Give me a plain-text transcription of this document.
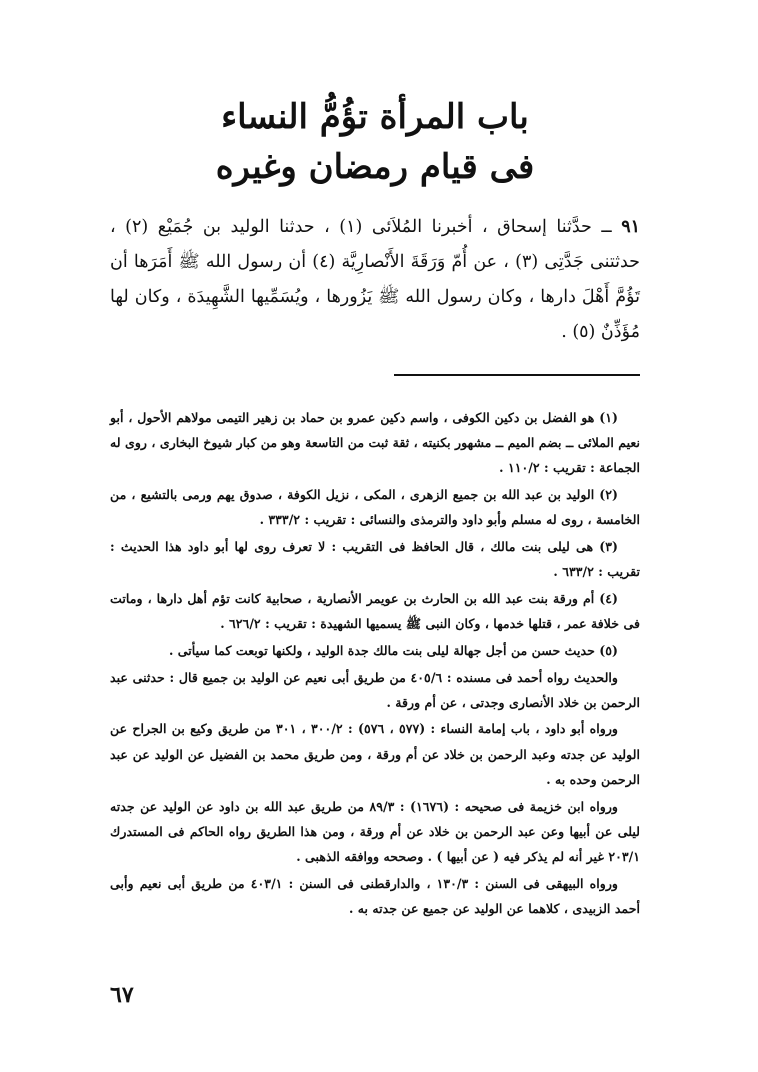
باب المرأة تؤُمُّ النساء
فى قيام رمضان وغيره

٩١ ــ حدَّثنا إسحاق ، أخبرنا المُلاَئى (١) ، حدثنا الوليد بن جُمَيْع (٢) ، حدثتنى جَدَّتِى (٣) ، عن أُمّ وَرَقَةَ الأَنْصارِيَّة (٤) أن رسول الله ﷺ أَمَرَها أن تَؤُمَّ أَهْلَ دارها ، وكان رسول الله ﷺ يَزُورها ، ويُسَمِّيها الشَّهِيدَة ، وكان لها مُؤَذِّنٌ (٥) .

(١) هو الفضل بن دكين الكوفى ، واسم دكين عمرو بن حماد بن زهير التيمى مولاهم الأحول ، أبو نعيم الملائى ــ بضم الميم ــ مشهور بكنيته ، ثقة ثبت من التاسعة وهو من كبار شيوخ البخارى ، روى له الجماعة : تقريب : ١١٠/٢ .

(٢) الوليد بن عبد الله بن جميع الزهرى ، المكى ، نزيل الكوفة ، صدوق يهم ورمى بالتشيع ، من الخامسة ، روى له مسلم وأبو داود والترمذى والنسائى : تقريب : ٣٣٣/٢ .

(٣) هى ليلى بنت مالك ، قال الحافظ فى التقريب : لا تعرف روى لها أبو داود هذا الحديث : تقريب : ٦٣٣/٢ .

(٤) أم ورقة بنت عبد الله بن الحارث بن عويمر الأنصارية ، صحابية كانت تؤم أهل دارها ، وماتت فى خلافة عمر ، قتلها خدمها ، وكان النبى ﷺ يسميها الشهيدة : تقريب : ٦٢٦/٢ .

(٥) حديث حسن من أجل جهالة ليلى بنت مالك جدة الوليد ، ولكنها توبعت كما سيأتى .

والحديث رواه أحمد فى مسنده : ٤٠٥/٦ من طريق أبى نعيم عن الوليد بن جميع قال : حدثنى عبد الرحمن بن خلاد الأنصارى وجدتى ، عن أم ورقة .

ورواه أبو داود ، باب إمامة النساء : (٥٧٧ ، ٥٧٦) : ٣٠٠/٢ ، ٣٠١ من طريق وكيع بن الجراح عن الوليد عن جدته وعبد الرحمن بن خلاد عن أم ورقة ، ومن طريق محمد بن الفضيل عن الوليد عن عبد الرحمن وحده به .

ورواه ابن خزيمة فى صحيحه : (١٦٧٦) : ٨٩/٣ من طريق عبد الله بن داود عن الوليد عن جدته ليلى عن أبيها وعن عبد الرحمن بن خلاد عن أم ورقة ، ومن هذا الطريق رواه الحاكم فى المستدرك ٢٠٣/١ غير أنه لم يذكر فيه ( عن أبيها ) . وصححه ووافقه الذهبى .

ورواه البيهقى فى السنن : ١٣٠/٣ ، والدارقطنى فى السنن : ٤٠٣/١ من طريق أبى نعيم وأبى أحمد الزبيدى ، كلاهما عن الوليد عن جميع عن جدته به .

٦٧
